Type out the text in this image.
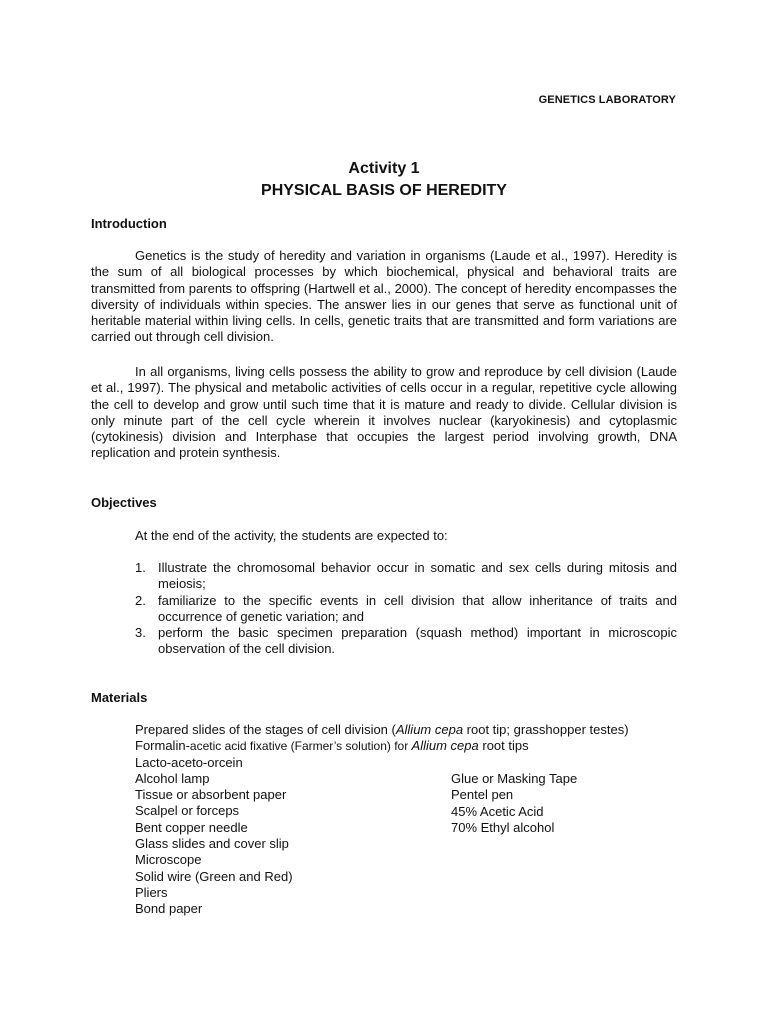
GENETICS LABORATORY
Activity 1
PHYSICAL BASIS OF HEREDITY
Introduction

Genetics is the study of heredity and variation in organisms (Laude et al., 1997). Heredity is the sum of all biological processes by which biochemical, physical and behavioral traits are transmitted from parents to offspring (Hartwell et al., 2000). The concept of heredity encompasses the diversity of individuals within species. The answer lies in our genes that serve as functional unit of heritable material within living cells. In cells, genetic traits that are transmitted and form variations are carried out through cell division.

In all organisms, living cells possess the ability to grow and reproduce by cell division (Laude et al., 1997). The physical and metabolic activities of cells occur in a regular, repetitive cycle allowing the cell to develop and grow until such time that it is mature and ready to divide. Cellular division is only minute part of the cell cycle wherein it involves nuclear (karyokinesis) and cytoplasmic (cytokinesis) division and Interphase that occupies the largest period involving growth, DNA replication and protein synthesis.

Objectives
At the end of the activity, the students are expected to:
1. Illustrate the chromosomal behavior occur in somatic and sex cells during mitosis and meiosis;
2. familiarize to the specific events in cell division that allow inheritance of traits and occurrence of genetic variation; and
3. perform the basic specimen preparation (squash method) important in microscopic observation of the cell division.
Materials
Prepared slides of the stages of cell division (Allium cepa root tip; grasshopper testes)
Formalin-acetic acid fixative (Farmer’s solution) for Allium cepa root tips
Lacto-aceto-orcein
Alcohol lamp
Tissue or absorbent paper
Scalpel or forceps
Bent copper needle
Glass slides and cover slip
Microscope
Solid wire (Green and Red)
Pliers
Bond paper
Glue or Masking Tape
Pentel pen
45% Acetic Acid
70% Ethyl alcohol
